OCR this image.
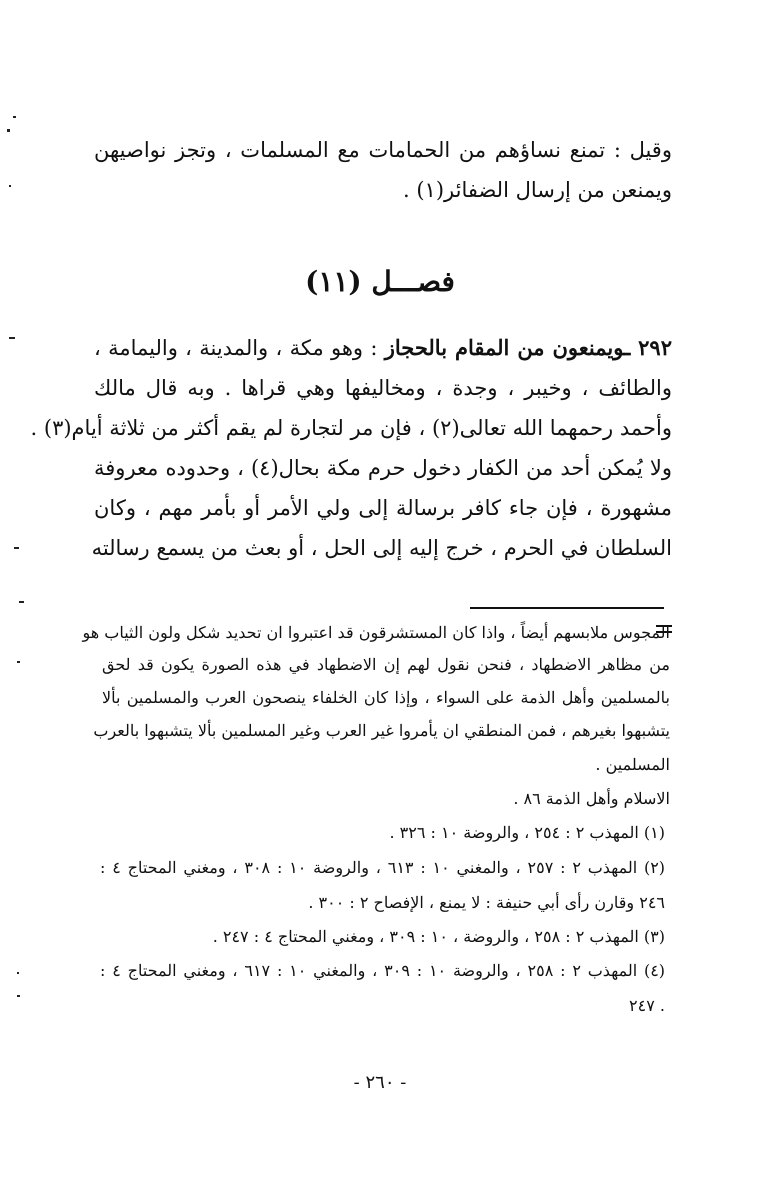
وقيل : تمنع نساؤهم من الحمامات مع المسلمات ، وتجز نواصيهن
ويمنعن من إرسال الضفائر(١) .
فصـــل (١١)
٢٩٢ ـويمنعون من المقام بالحجاز : وهو مكة ، والمدينة ، واليمامة ،
والطائف ، وخيبر ، وجدة ، ومخاليفها وهي قراها . وبه قال مالك
وأحمد رحمهما الله تعالى(٢) ، فإن مر لتجارة لم يقم أكثر من ثلاثة أيام(٣) .
ولا يُمكن أحد من الكفار دخول حرم مكة بحال(٤) ، وحدوده معروفة
مشهورة ، فإن جاء كافر برسالة إلى ولي الأمر أو بأمر مهم ، وكان
السلطان في الحرم ، خرج إليه إلى الحل ، أو بعث من يسمع رسالته
المجوس ملابسهم أيضاً ، واذا كان المستشرقون قد اعتبروا ان تحديد شكل ولون الثياب هو
من مظاهر الاضطهاد ، فنحن نقول لهم إن الاضطهاد في هذه الصورة يكون قد لحق
بالمسلمين وأهل الذمة على السواء ، وإذا كان الخلفاء ينصحون العرب والمسلمين بألا
يتشبهوا بغيرهم ، فمن المنطقي ان يأمروا غير العرب وغير المسلمين بألا يتشبهوا بالعرب
المسلمين .
الاسلام وأهل الذمة ٨٦ .
(١) المهذب ٢ : ٢٥٤ ، والروضة ١٠ : ٣٢٦ .
(٢) المهذب ٢ : ٢٥٧ ، والمغني ١٠ : ٦١٣ ، والروضة ١٠ : ٣٠٨ ، ومغني المحتاج ٤ :
٢٤٦ وقارن رأى أبي حنيفة : لا يمنع ، الإفصاح ٢ : ٣٠٠ .
(٣) المهذب ٢ : ٢٥٨ ، والروضة ، ١٠ : ٣٠٩ ، ومغني المحتاج ٤ : ٢٤٧ .
(٤) المهذب ٢ : ٢٥٨ ، والروضة ١٠ : ٣٠٩ ، والمغني ١٠ : ٦١٧ ، ومغني المحتاج ٤ :
٢٤٧ .
- ٢٦٠ -
